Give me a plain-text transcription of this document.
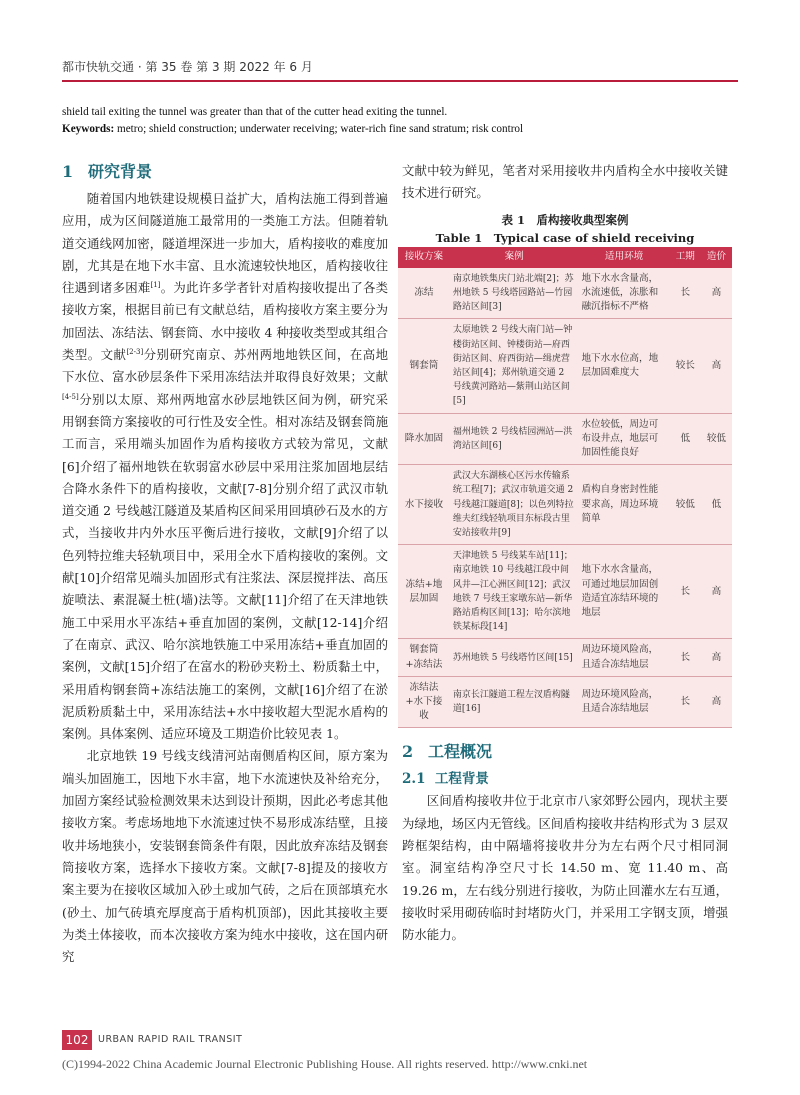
都市快轨交通 · 第 35 卷 第 3 期 2022 年 6 月
shield tail exiting the tunnel was greater than that of the cutter head exiting the tunnel.
Keywords: metro; shield construction; underwater receiving; water-rich fine sand stratum; risk control
1 研究背景

随着国内地铁建设规模日益扩大，盾构法施工得到普遍应用，成为区间隧道施工最常用的一类施工方法。但随着轨道交通线网加密，隧道埋深进一步加大，盾构接收的难度加剧，尤其是在地下水丰富、且水流速较快地区，盾构接收往往遇到诸多困难[1]。为此许多学者针对盾构接收提出了各类接收方案，根据目前已有文献总结，盾构接收方案主要分为加固法、冻结法、钢套筒、水中接收 4 种接收类型或其组合类型。文献[2-3]分别研究南京、苏州两地地铁区间，在高地下水位、富水砂层条件下采用冻结法并取得良好效果；文献[4-5]分别以太原、郑州两地富水砂层地铁区间为例，研究采用钢套筒方案接收的可行性及安全性。相对冻结及钢套筒施工而言，采用端头加固作为盾构接收方式较为常见，文献[6]介绍了福州地铁在软弱富水砂层中采用注浆加固地层结合降水条件下的盾构接收，文献[7-8]分别介绍了武汉市轨道交通 2 号线越江隧道及某盾构区间采用回填砂石及水的方式，当接收井内外水压平衡后进行接收，文献[9]介绍了以色列特拉维夫轻轨项目中，采用全水下盾构接收的案例。文献[10]介绍常见端头加固形式有注浆法、深层搅拌法、高压旋喷法、素混凝土桩(墙)法等。文献[11]介绍了在天津地铁施工中采用水平冻结+垂直加固的案例，文献[12-14]介绍了在南京、武汉、哈尔滨地铁施工中采用冻结+垂直加固的案例，文献[15]介绍了在富水的粉砂夹粉土、粉质黏土中，采用盾构钢套筒+冻结法施工的案例，文献[16]介绍了在淤泥质粉质黏土中，采用冻结法+水中接收超大型泥水盾构的案例。具体案例、适应环境及工期造价比较见表 1。

北京地铁 19 号线支线清河站南侧盾构区间，原方案为端头加固施工，因地下水丰富，地下水流速快及补给充分，加固方案经试验检测效果未达到设计预期，因此必考虑其他接收方案。考虑场地地下水流速过快不易形成冻结壁，且接收井场地狭小，安装钢套筒条件有限，因此放弃冻结及钢套筒接收方案，选择水下接收方案。文献[7-8]提及的接收方案主要为在接收区域加入砂土或加气砖，之后在顶部填充水(砂土、加气砖填充厚度高于盾构机顶部)，因此其接收主要为类土体接收，而本次接收方案为纯水中接收，这在国内研究

文献中较为鲜见，笔者对采用接收井内盾构全水中接收关键技术进行研究。

表 1　盾构接收典型案例
Table 1　Typical case of shield receiving
接收方案	案例	适用环境	工期	造价
冻结	南京地铁集庆门站北端[2]；苏州地铁 5 号线塔园路站—竹园路站区间[3]	地下水水含量高，水流速低，冻胀和融沉指标不严格	长	高
钢套筒	太原地铁 2 号线大南门站—钟楼街站区间、钟楼街站—府西街站区间、府西街站—缉虎营站区间[4]；郑州轨道交通 2 号线黄河路站—紫荆山站区间[5]	地下水水位高，地层加固难度大	较长	高
降水加固	福州地铁 2 号线桔园洲站—洪湾站区间[6]	水位较低，周边可布设井点，地层可加固性能良好	低	较低
水下接收	武汉大东湖核心区污水传输系统工程[7]；武汉市轨道交通 2 号线越江隧道[8]；以色列特拉维夫红线轻轨项目东标段古里安站接收井[9]	盾构自身密封性能要求高，周边环境简单	较低	低
冻结+地层加固	天津地铁 5 号线某车站[11]；南京地铁 10 号线越江段中间风井—江心洲区间[12]；武汉地铁 7 号线王家墩东站—新华路站盾构区间[13]；哈尔滨地铁某标段[14]	地下水水含量高，可通过地层加固创造适宜冻结环境的地层	长	高
钢套筒+冻结法	苏州地铁 5 号线塔竹区间[15]	周边环境风险高，且适合冻结地层	长	高
冻结法+水下接收	南京长江隧道工程左汊盾构隧道[16]	周边环境风险高，且适合冻结地层	长	高
2 工程概况
2.1 工程背景

区间盾构接收井位于北京市八家郊野公园内，现状主要为绿地，场区内无管线。区间盾构接收井结构形式为 3 层双跨框架结构，由中隔墙将接收井分为左右两个尺寸相同洞室。洞室结构净空尺寸长 14.50 m、宽 11.40 m、高 19.26 m，左右线分别进行接收，为防止回灌水左右互通，接收时采用砌砖临时封堵防火门，并采用工字钢支顶，增强防水能力。

102	URBAN RAPID RAIL TRANSIT
(C)1994-2022 China Academic Journal Electronic Publishing House. All rights reserved. http://www.cnki.net
